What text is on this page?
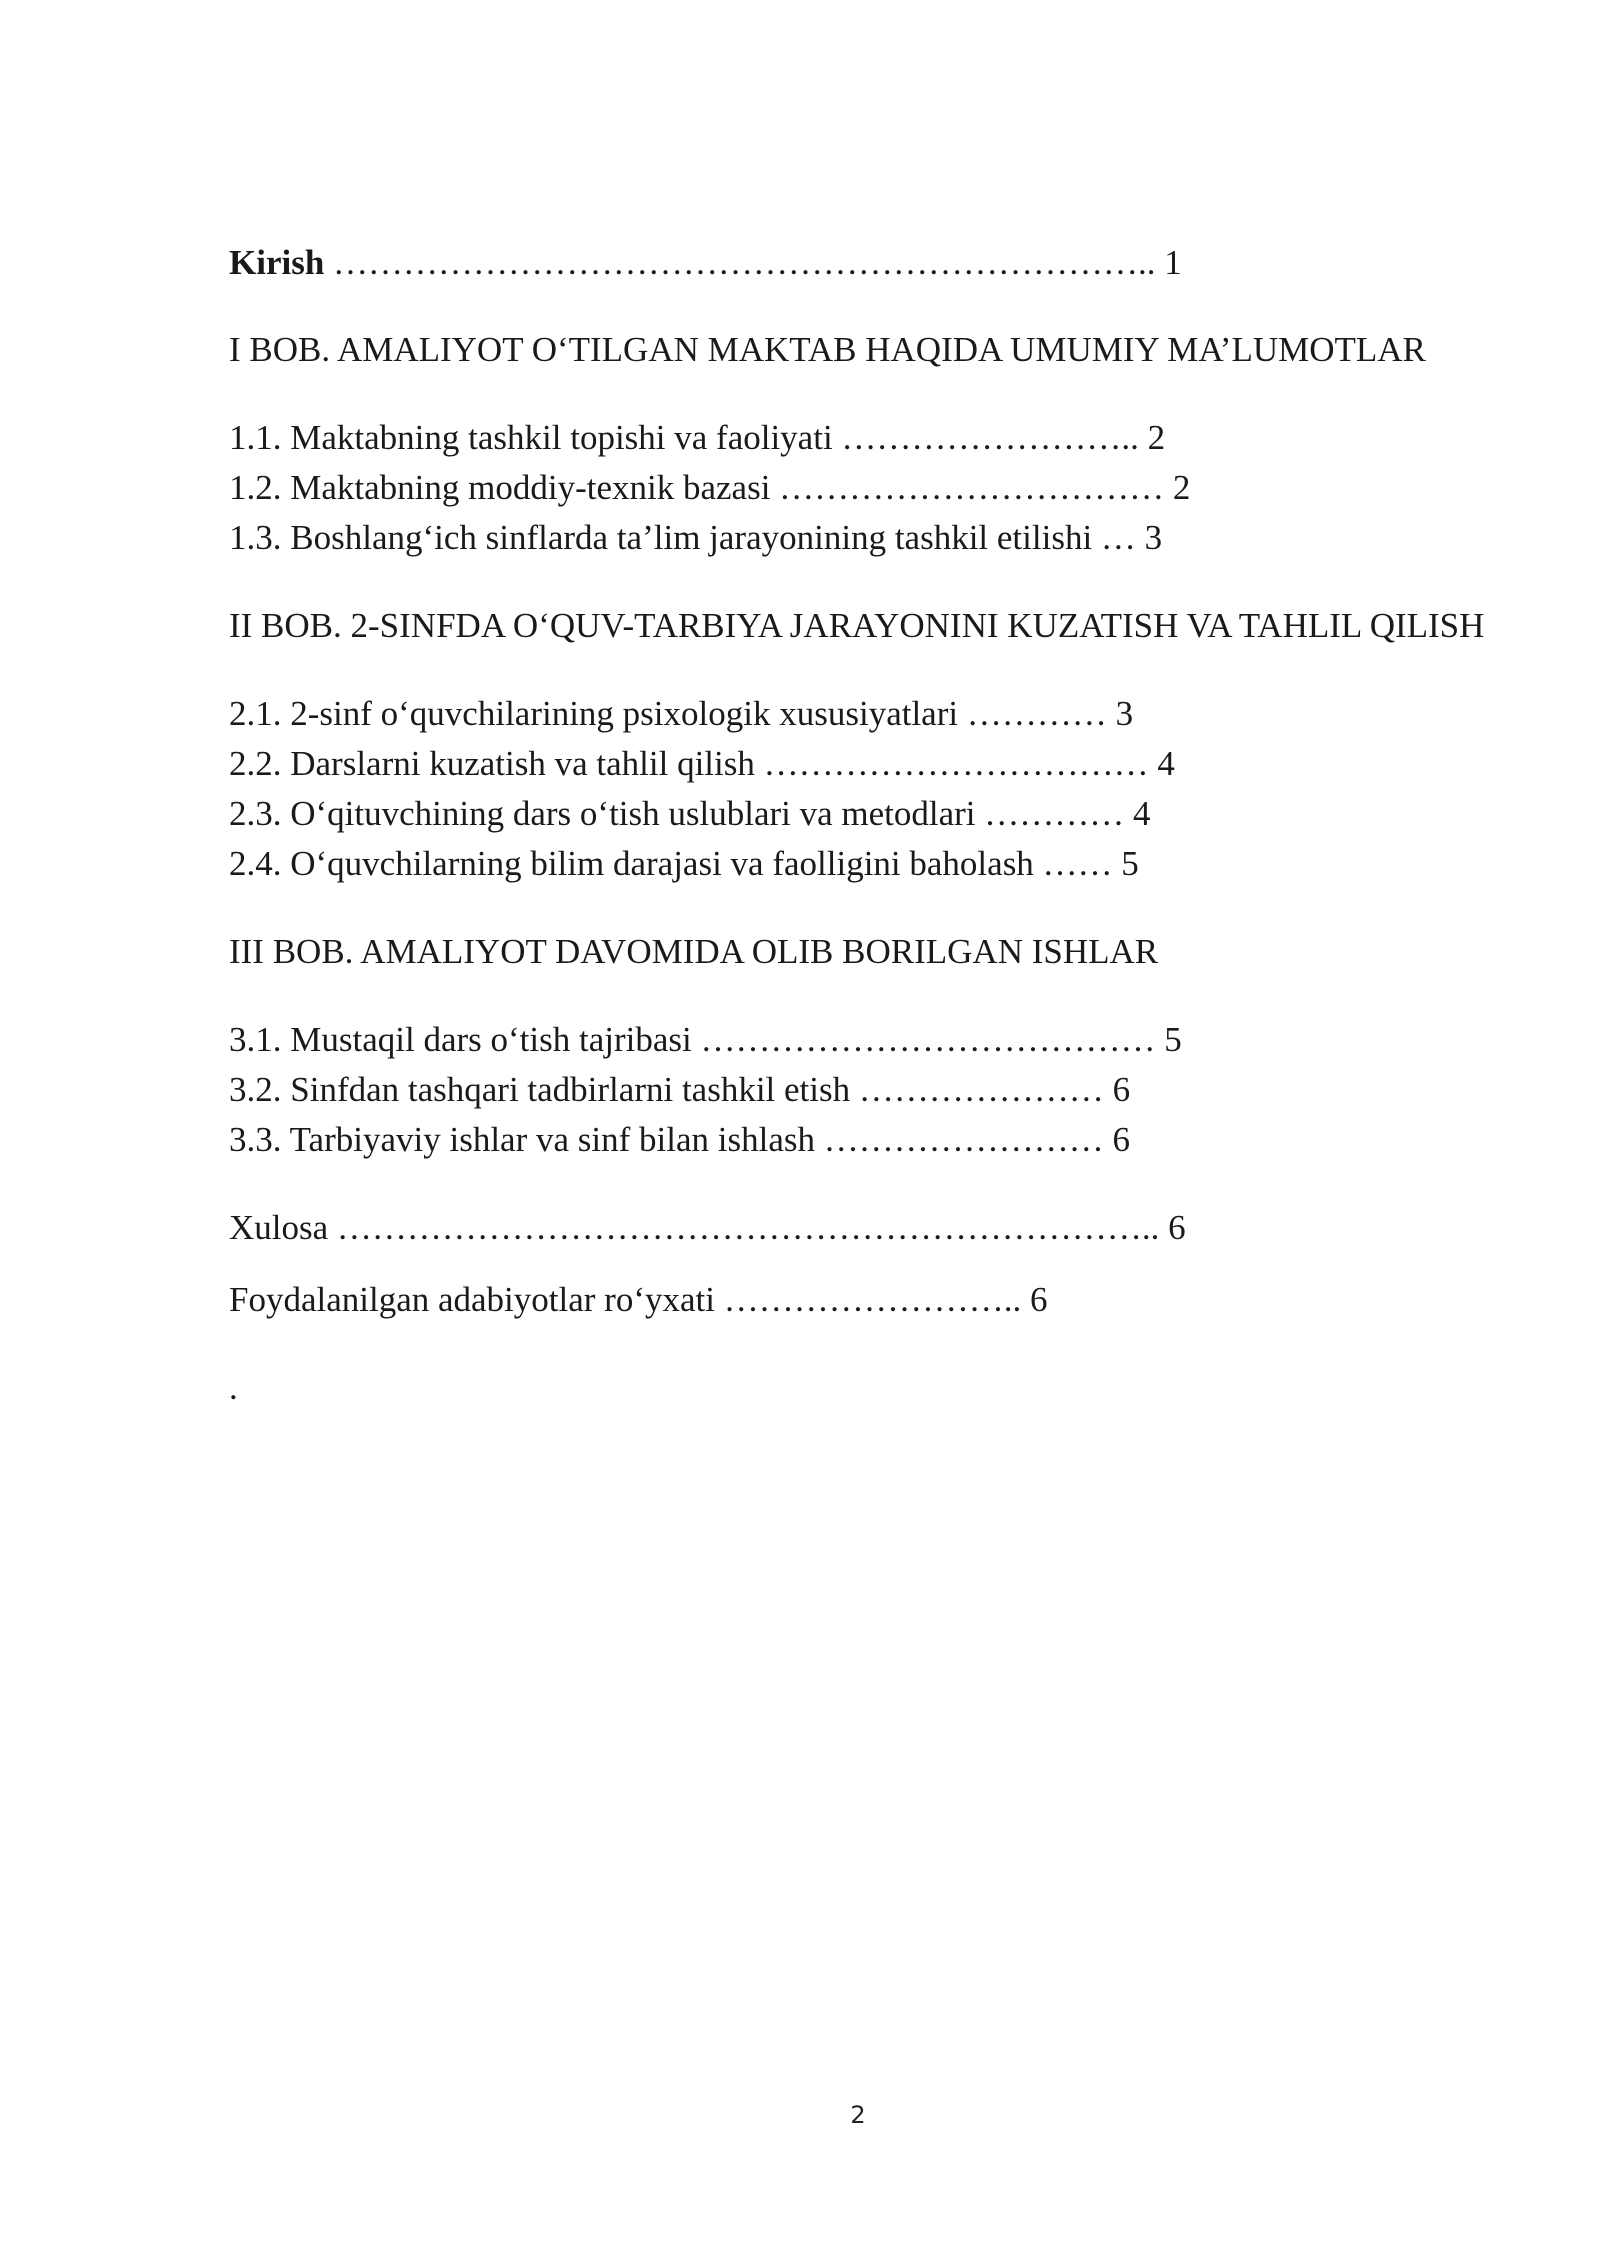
Kirish …………………………………………………………….. 1
I BOB. AMALIYOT O‘TILGAN MAKTAB HAQIDA UMUMIY MA’LUMOTLAR
1.1. Maktabning tashkil topishi va faoliyati …………………….. 2
1.2. Maktabning moddiy-texnik bazasi …………………………… 2
1.3. Boshlang‘ich sinflarda ta’lim jarayonining tashkil etilishi … 3
II BOB. 2-SINFDA O‘QUV-TARBIYA JARAYONINI KUZATISH VA TAHLIL QILISH
2.1. 2-sinf o‘quvchilarining psixologik xususiyatlari ………… 3
2.2. Darslarni kuzatish va tahlil qilish …………………………… 4
2.3. O‘qituvchining dars o‘tish uslublari va metodlari ………… 4
2.4. O‘quvchilarning bilim darajasi va faolligini baholash …… 5
III BOB. AMALIYOT DAVOMIDA OLIB BORILGAN ISHLAR
3.1. Mustaqil dars o‘tish tajribasi ………………………………… 5
3.2. Sinfdan tashqari tadbirlarni tashkil etish ………………… 6
3.3. Tarbiyaviy ishlar va sinf bilan ishlash …………………… 6
Xulosa …………………………………………………………….. 6
Foydalanilgan adabiyotlar ro‘yxati …………………….. 6
.
2
